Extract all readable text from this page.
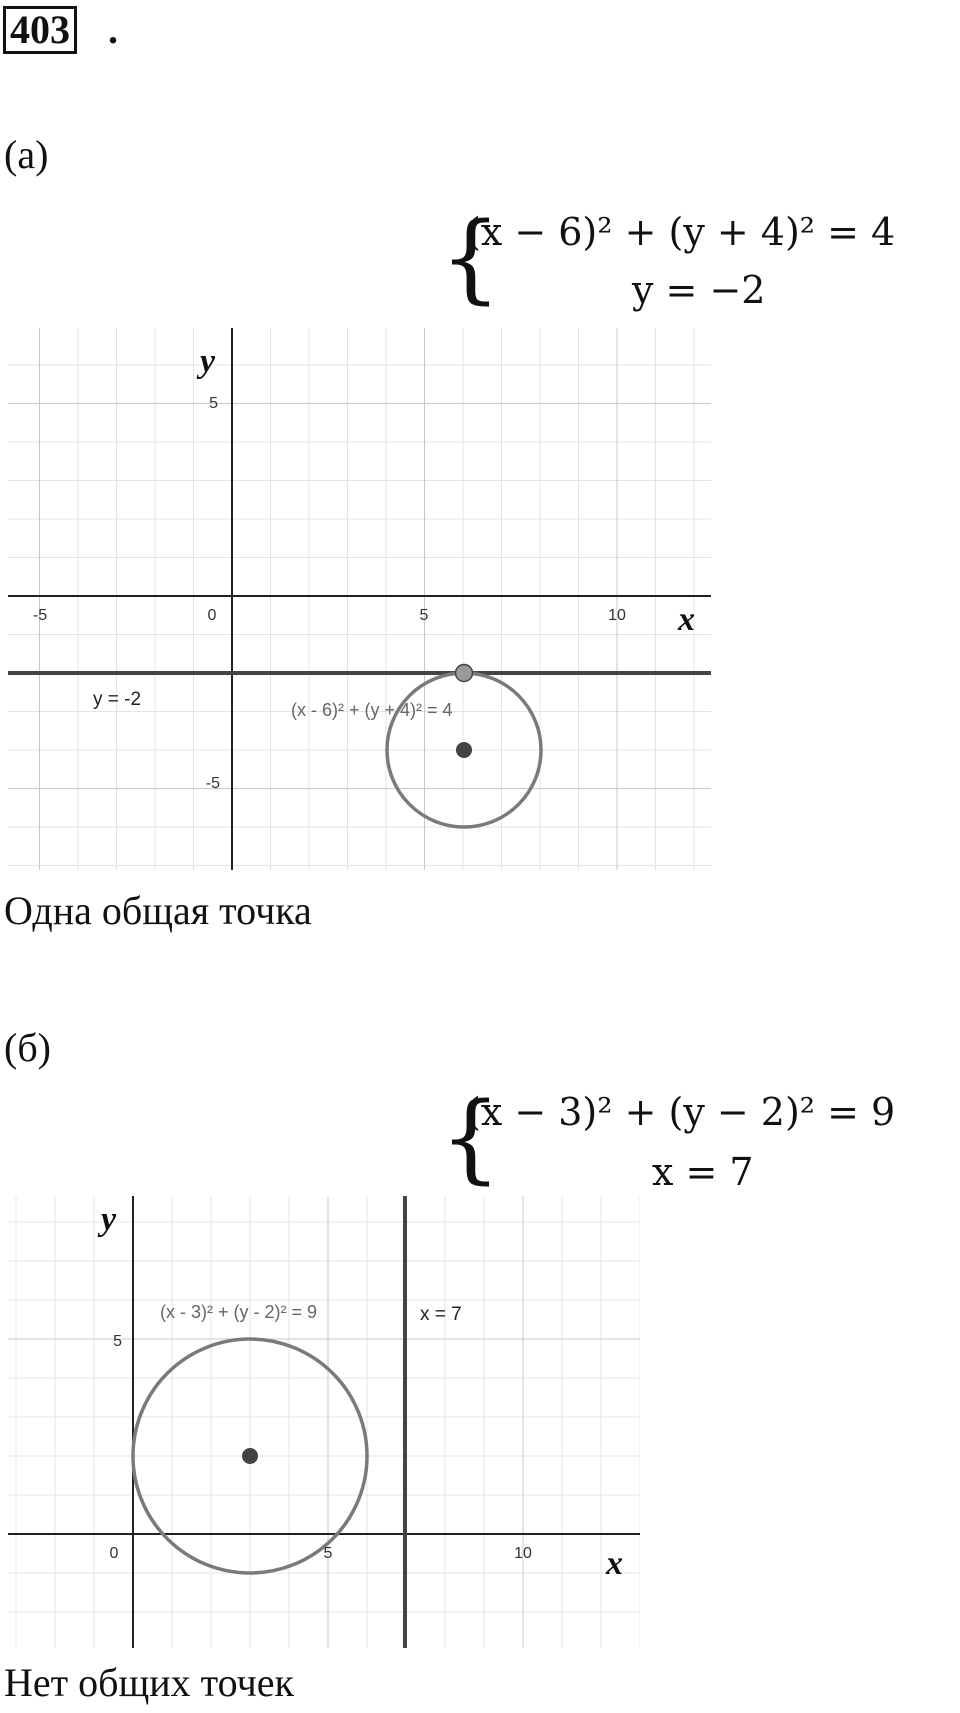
403 .
(а)
{
(x − 6)² + (y + 4)² = 4
y = −2
-5	0	5	10
5
-5
x
y
y = -2	(x - 6)² + (y + 4)² = 4
Одна общая точка
(б)
{
(x − 3)² + (y − 2)² = 9
x = 7
0	5	10
5
x
y
x = 7
(x - 3)² + (y - 2)² = 9
Нет общих точек
